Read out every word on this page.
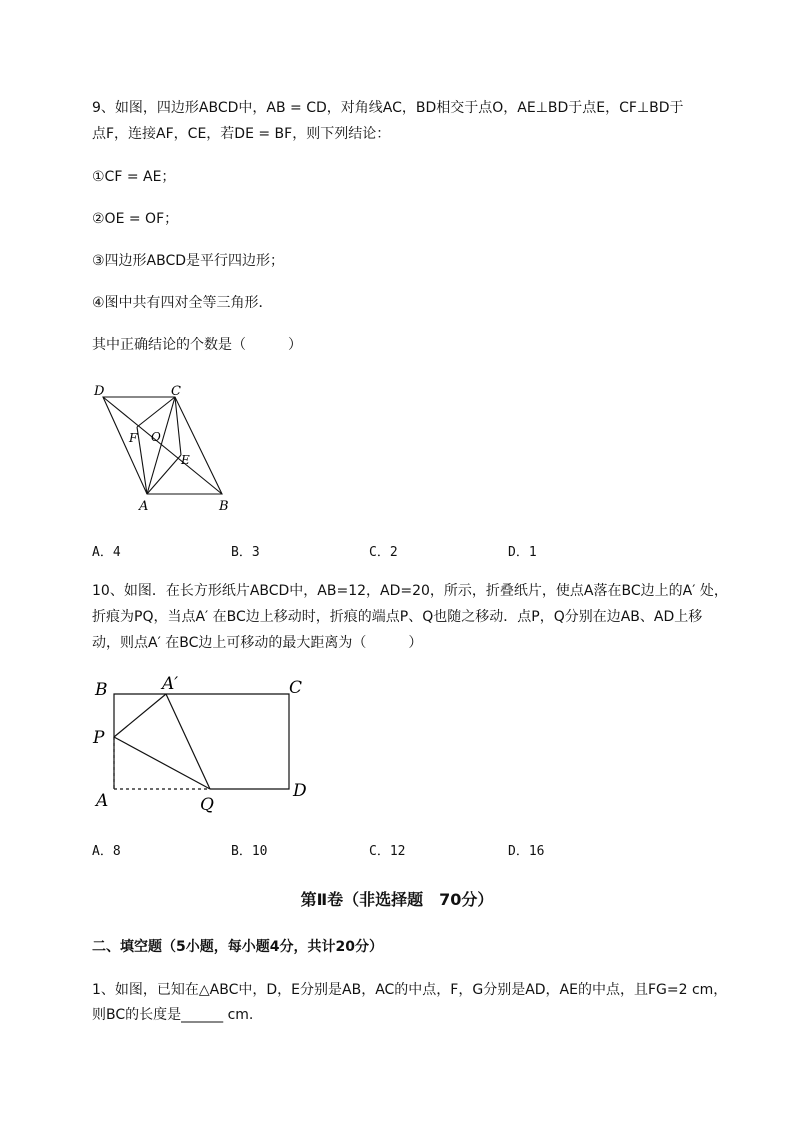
9、如图，四边形ABCD中，AB = CD，对角线AC，BD相交于点O，AE⊥BD于点E，CF⊥BD于
点F，连接AF，CE，若DE = BF，则下列结论：
①CF = AE；
②OE = OF；
③四边形ABCD是平行四边形；
④图中共有四对全等三角形．
其中正确结论的个数是（　　　）
D	C
F O
E
A	B
A．4	B．3	C．2	D．1
10、如图．在长方形纸片ABCD中，AB=12，AD=20，所示，折叠纸片，使点A落在BC边上的A′ 处，
折痕为PQ，当点A′ 在BC边上移动时，折痕的端点P、Q也随之移动．点P，Q分别在边AB、AD上移
动，则点A′ 在BC边上可移动的最大距离为（　　　）
B	A′	C
P
A	Q
D
A．8	B．10	C．12	D．16
第Ⅱ卷（非选择题　70分）
二、填空题（5小题，每小题4分，共计20分）
1、如图，已知在△ABC中，D，E分别是AB，AC的中点，F，G分别是AD，AE的中点，且FG=2 cm，
则BC的长度是______ cm.
